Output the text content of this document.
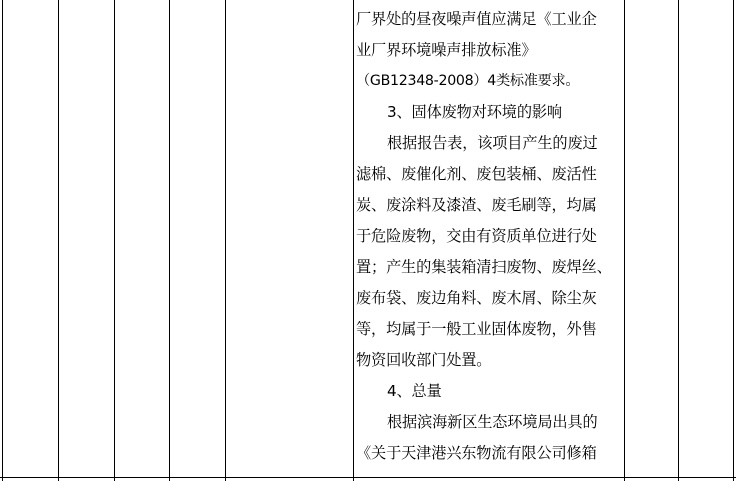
厂界处的昼夜噪声值应满足《工业企
业厂界环境噪声排放标准》
（GB12348-2008）4类标准要求。
3、固体废物对环境的影响
根据报告表，该项目产生的废过
滤棉、废催化剂、废包装桶、废活性
炭、废涂料及漆渣、废毛刷等，均属
于危险废物，交由有资质单位进行处
置；产生的集装箱清扫废物、废焊丝、
废布袋、废边角料、废木屑、除尘灰
等，均属于一般工业固体废物，外售
物资回收部门处置。
4、总量
根据滨海新区生态环境局出具的
《关于天津港兴东物流有限公司修箱
